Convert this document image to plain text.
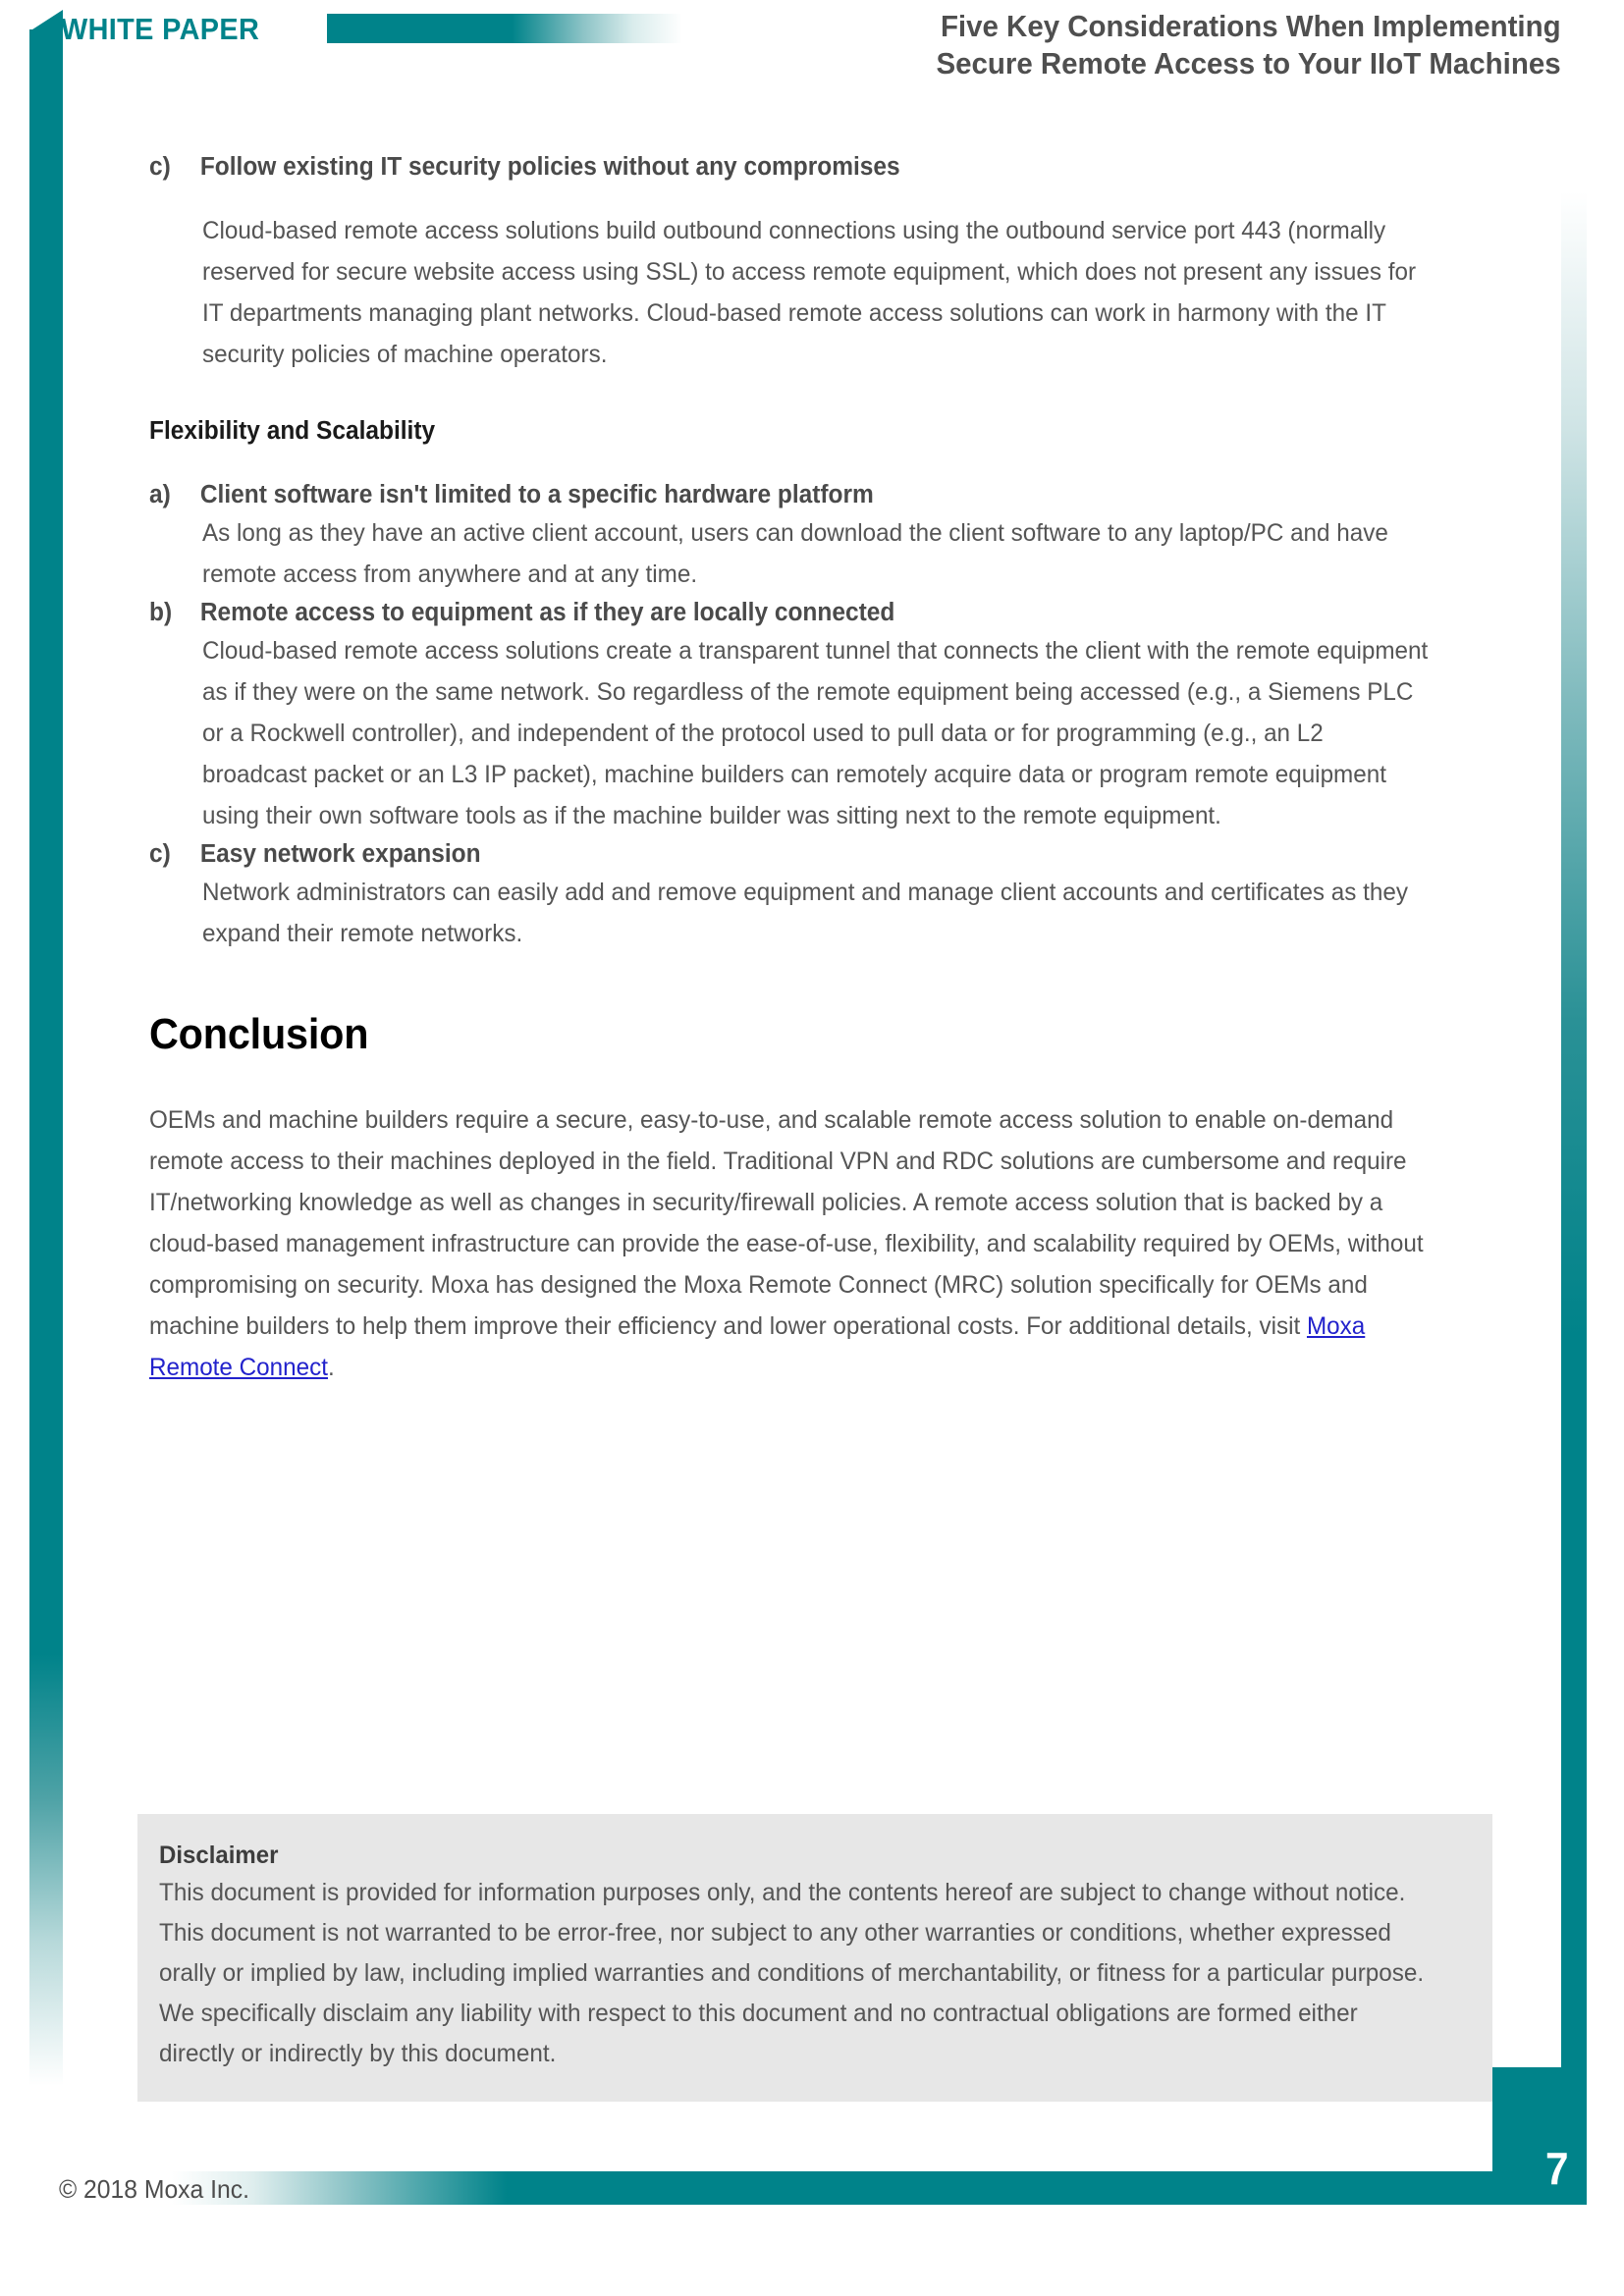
WHITE PAPER	Five Key Considerations When Implementing
Secure Remote Access to Your IIoT Machines
c)	Follow existing IT security policies without any compromises
Cloud-based remote access solutions build outbound connections using the outbound service port 443 (normally reserved for secure website access using SSL) to access remote equipment, which does not present any issues for IT departments managing plant networks. Cloud-based remote access solutions can work in harmony with the IT security policies of machine operators.
Flexibility and Scalability
a)	Client software isn't limited to a specific hardware platform
As long as they have an active client account, users can download the client software to any laptop/PC and have remote access from anywhere and at any time.
b)	Remote access to equipment as if they are locally connected
Cloud-based remote access solutions create a transparent tunnel that connects the client with the remote equipment as if they were on the same network. So regardless of the remote equipment being accessed (e.g., a Siemens PLC or a Rockwell controller), and independent of the protocol used to pull data or for programming (e.g., an L2 broadcast packet or an L3 IP packet), machine builders can remotely acquire data or program remote equipment using their own software tools as if the machine builder was sitting next to the remote equipment.
c)	Easy network expansion
Network administrators can easily add and remove equipment and manage client accounts and certificates as they expand their remote networks.
Conclusion
OEMs and machine builders require a secure, easy-to-use, and scalable remote access solution to enable on-demand remote access to their machines deployed in the field. Traditional VPN and RDC solutions are cumbersome and require IT/networking knowledge as well as changes in security/firewall policies. A remote access solution that is backed by a cloud-based management infrastructure can provide the ease-of-use, flexibility, and scalability required by OEMs, without compromising on security. Moxa has designed the Moxa Remote Connect (MRC) solution specifically for OEMs and machine builders to help them improve their efficiency and lower operational costs. For additional details, visit Moxa Remote Connect.
Disclaimer
This document is provided for information purposes only, and the contents hereof are subject to change without notice. This document is not warranted to be error-free, nor subject to any other warranties or conditions, whether expressed orally or implied by law, including implied warranties and conditions of merchantability, or fitness for a particular purpose. We specifically disclaim any liability with respect to this document and no contractual obligations are formed either directly or indirectly by this document.
© 2018 Moxa Inc.	7
